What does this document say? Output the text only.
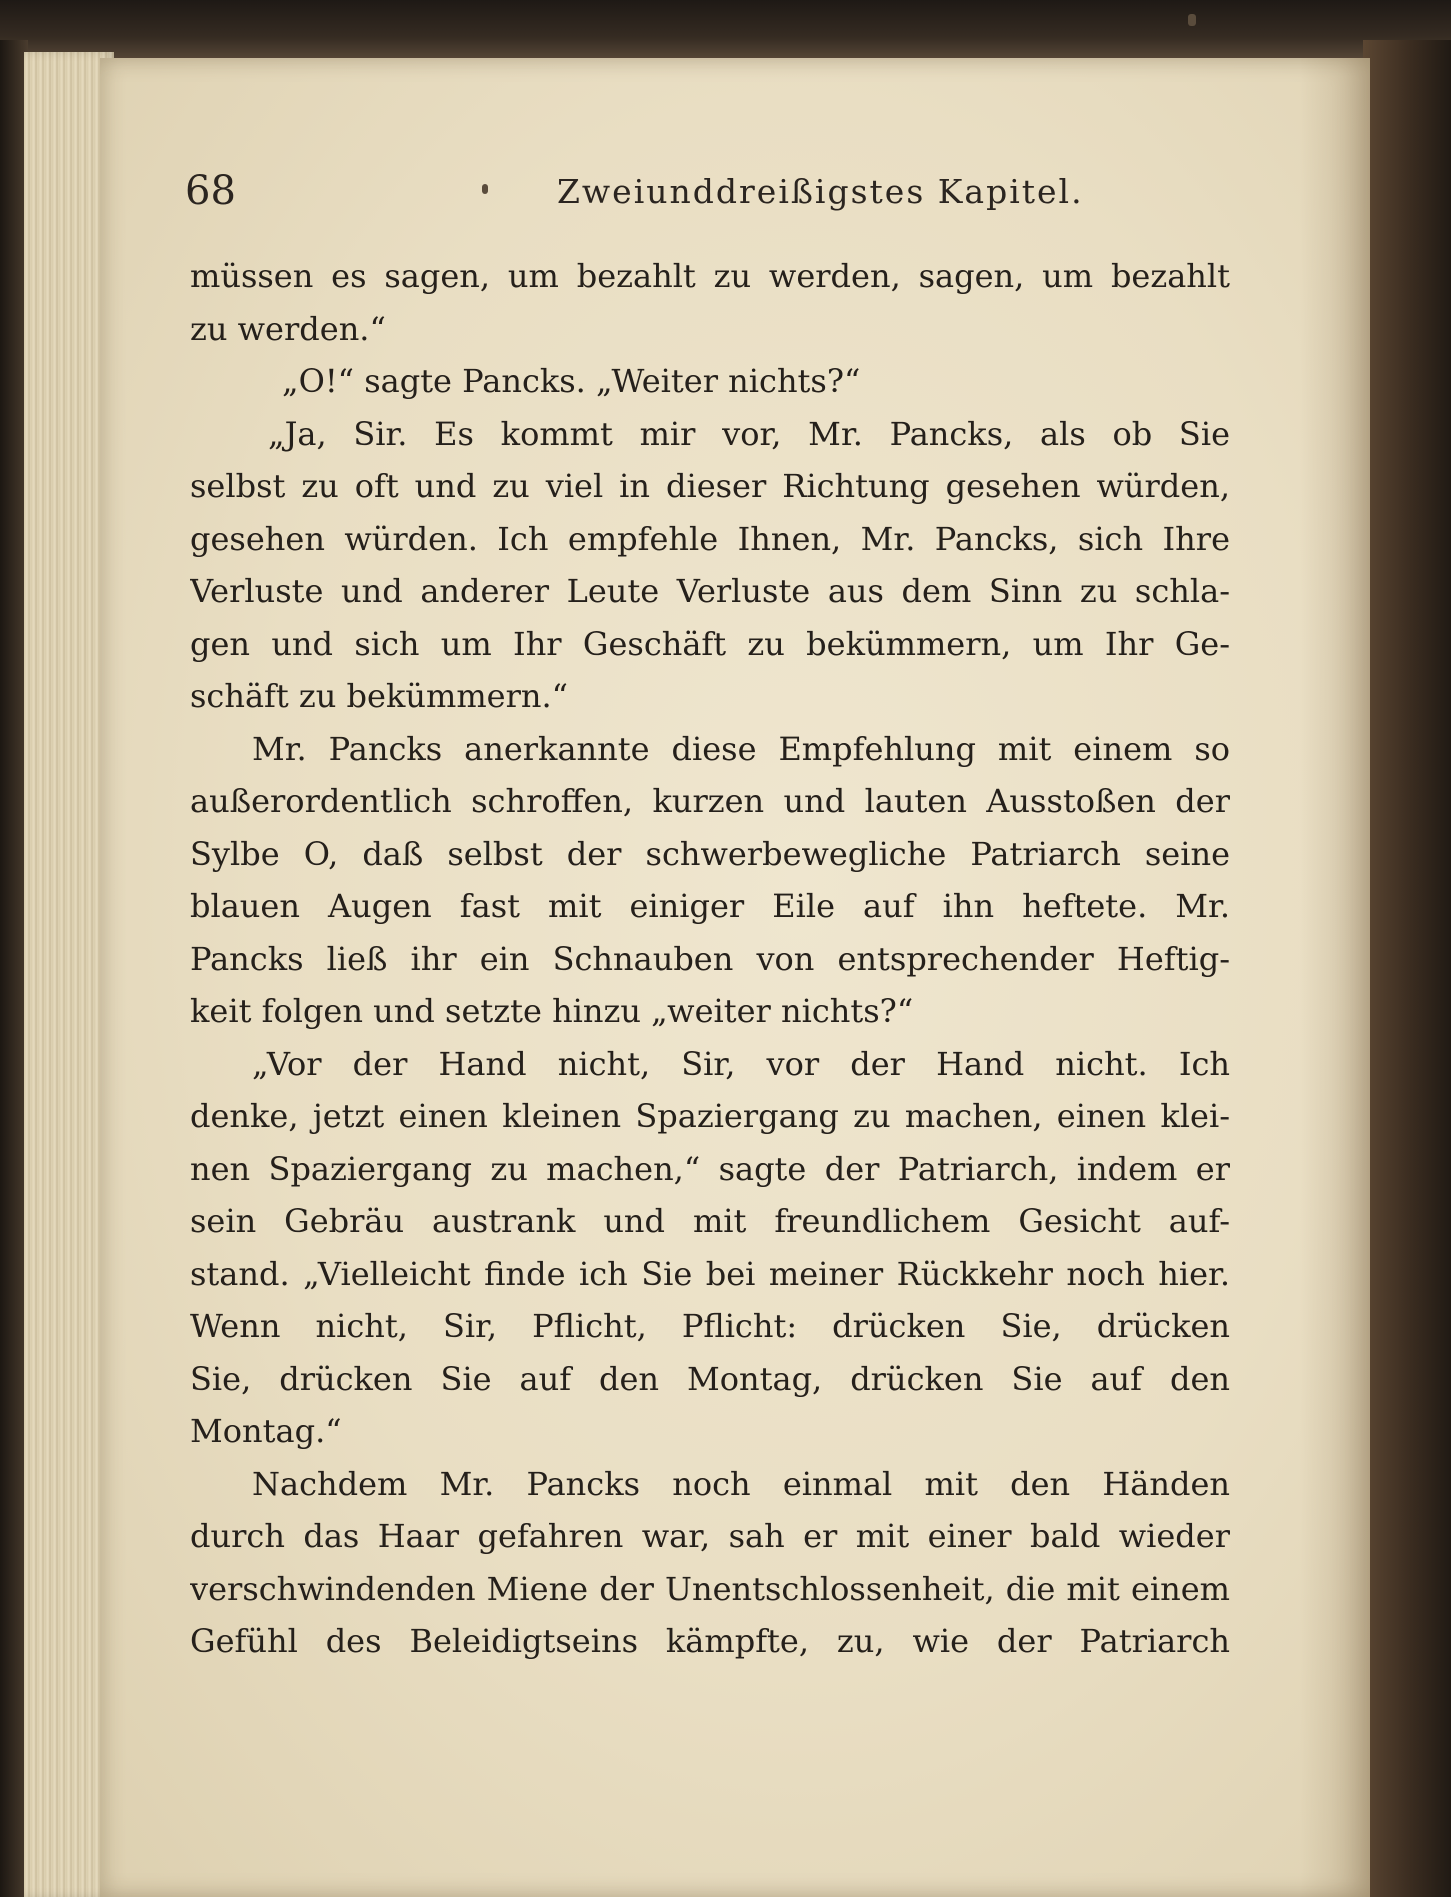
68	Zweiunddreißigstes Kapitel.
müssen es sagen, um bezahlt zu werden, sagen, um bezahlt
zu werden.“
„O!“ sagte Pancks. „Weiter nichts?“
„Ja, Sir. Es kommt mir vor, Mr. Pancks, als ob Sie
selbst zu oft und zu viel in dieser Richtung gesehen würden,
gesehen würden. Ich empfehle Ihnen, Mr. Pancks, sich Ihre
Verluste und anderer Leute Verluste aus dem Sinn zu schla-
gen und sich um Ihr Geschäft zu bekümmern, um Ihr Ge-
schäft zu bekümmern.“
Mr. Pancks anerkannte diese Empfehlung mit einem so
außerordentlich schroffen, kurzen und lauten Ausstoßen der
Sylbe O, daß selbst der schwerbewegliche Patriarch seine
blauen Augen fast mit einiger Eile auf ihn heftete. Mr.
Pancks ließ ihr ein Schnauben von entsprechender Heftig-
keit folgen und setzte hinzu „weiter nichts?“
„Vor der Hand nicht, Sir, vor der Hand nicht. Ich
denke, jetzt einen kleinen Spaziergang zu machen, einen klei-
nen Spaziergang zu machen,“ sagte der Patriarch, indem er
sein Gebräu austrank und mit freundlichem Gesicht auf-
stand. „Vielleicht finde ich Sie bei meiner Rückkehr noch hier.
Wenn nicht, Sir, Pflicht, Pflicht: drücken Sie, drücken
Sie, drücken Sie auf den Montag, drücken Sie auf den
Montag.“
Nachdem Mr. Pancks noch einmal mit den Händen
durch das Haar gefahren war, sah er mit einer bald wieder
verschwindenden Miene der Unentschlossenheit, die mit einem
Gefühl des Beleidigtseins kämpfte, zu, wie der Patriarch
